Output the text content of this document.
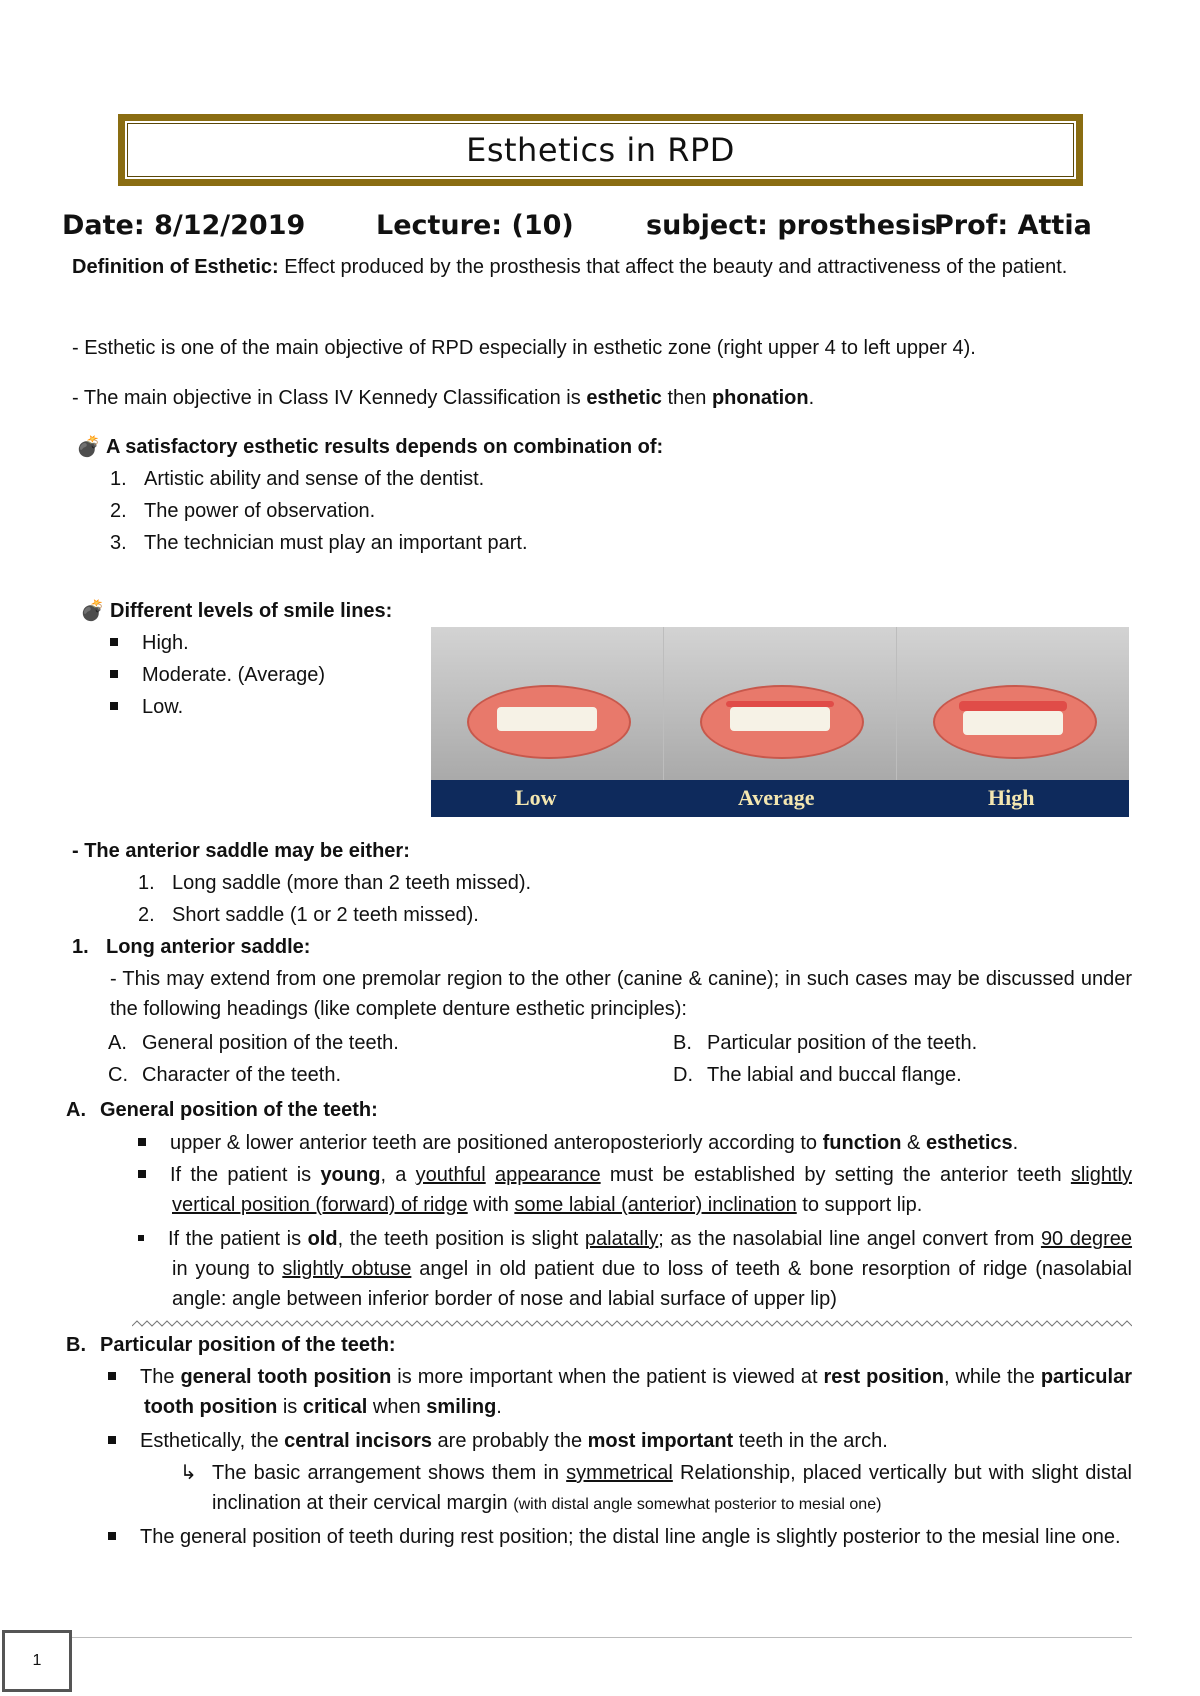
Esthetics in RPD
Date: 8/12/2019	Lecture: (10)	subject: prosthesis
Prof: Attia
Definition of Esthetic: Effect produced by the prosthesis that affect the beauty and attractiveness of the patient.
- Esthetic is one of the main objective of RPD especially in esthetic zone (right upper 4 to left upper 4).
- The main objective in Class IV Kennedy Classification is esthetic then phonation.
💣 A satisfactory esthetic results depends on combination of:
1. Artistic ability and sense of the dentist.
2. The power of observation.
3. The technician must play an important part.
💣 Different levels of smile lines:
High.
Moderate. (Average)
Low.
Low	Average	High
- The anterior saddle may be either:
1. Long saddle (more than 2 teeth missed).
2. Short saddle (1 or 2 teeth missed).
1. Long anterior saddle:
- This may extend from one premolar region to the other (canine & canine); in such cases may be discussed under the following headings (like complete denture esthetic principles):
A. General position of the teeth.	B. Particular position of the teeth.
C. Character of the teeth.	D. The labial and buccal flange.
A. General position of the teeth:
upper & lower anterior teeth are positioned anteroposteriorly according to function & esthetics.
If the patient is young, a youthful appearance must be established by setting the anterior teeth slightly vertical position (forward) of ridge with some labial (anterior) inclination to support lip.
If the patient is old, the teeth position is slight palatally; as the nasolabial line angel convert from 90 degree in young to slightly obtuse angel in old patient due to loss of teeth & bone resorption of ridge (nasolabial angle: angle between inferior border of nose and labial surface of upper lip)
B. Particular position of the teeth:
The general tooth position is more important when the patient is viewed at rest position, while the particular tooth position is critical when smiling.
Esthetically, the central incisors are probably the most important teeth in the arch.
↳ The basic arrangement shows them in symmetrical Relationship, placed vertically but with slight distal inclination at their cervical margin (with distal angle somewhat posterior to mesial one)
The general position of teeth during rest position; the distal line angle is slightly posterior to the mesial line one.
1
